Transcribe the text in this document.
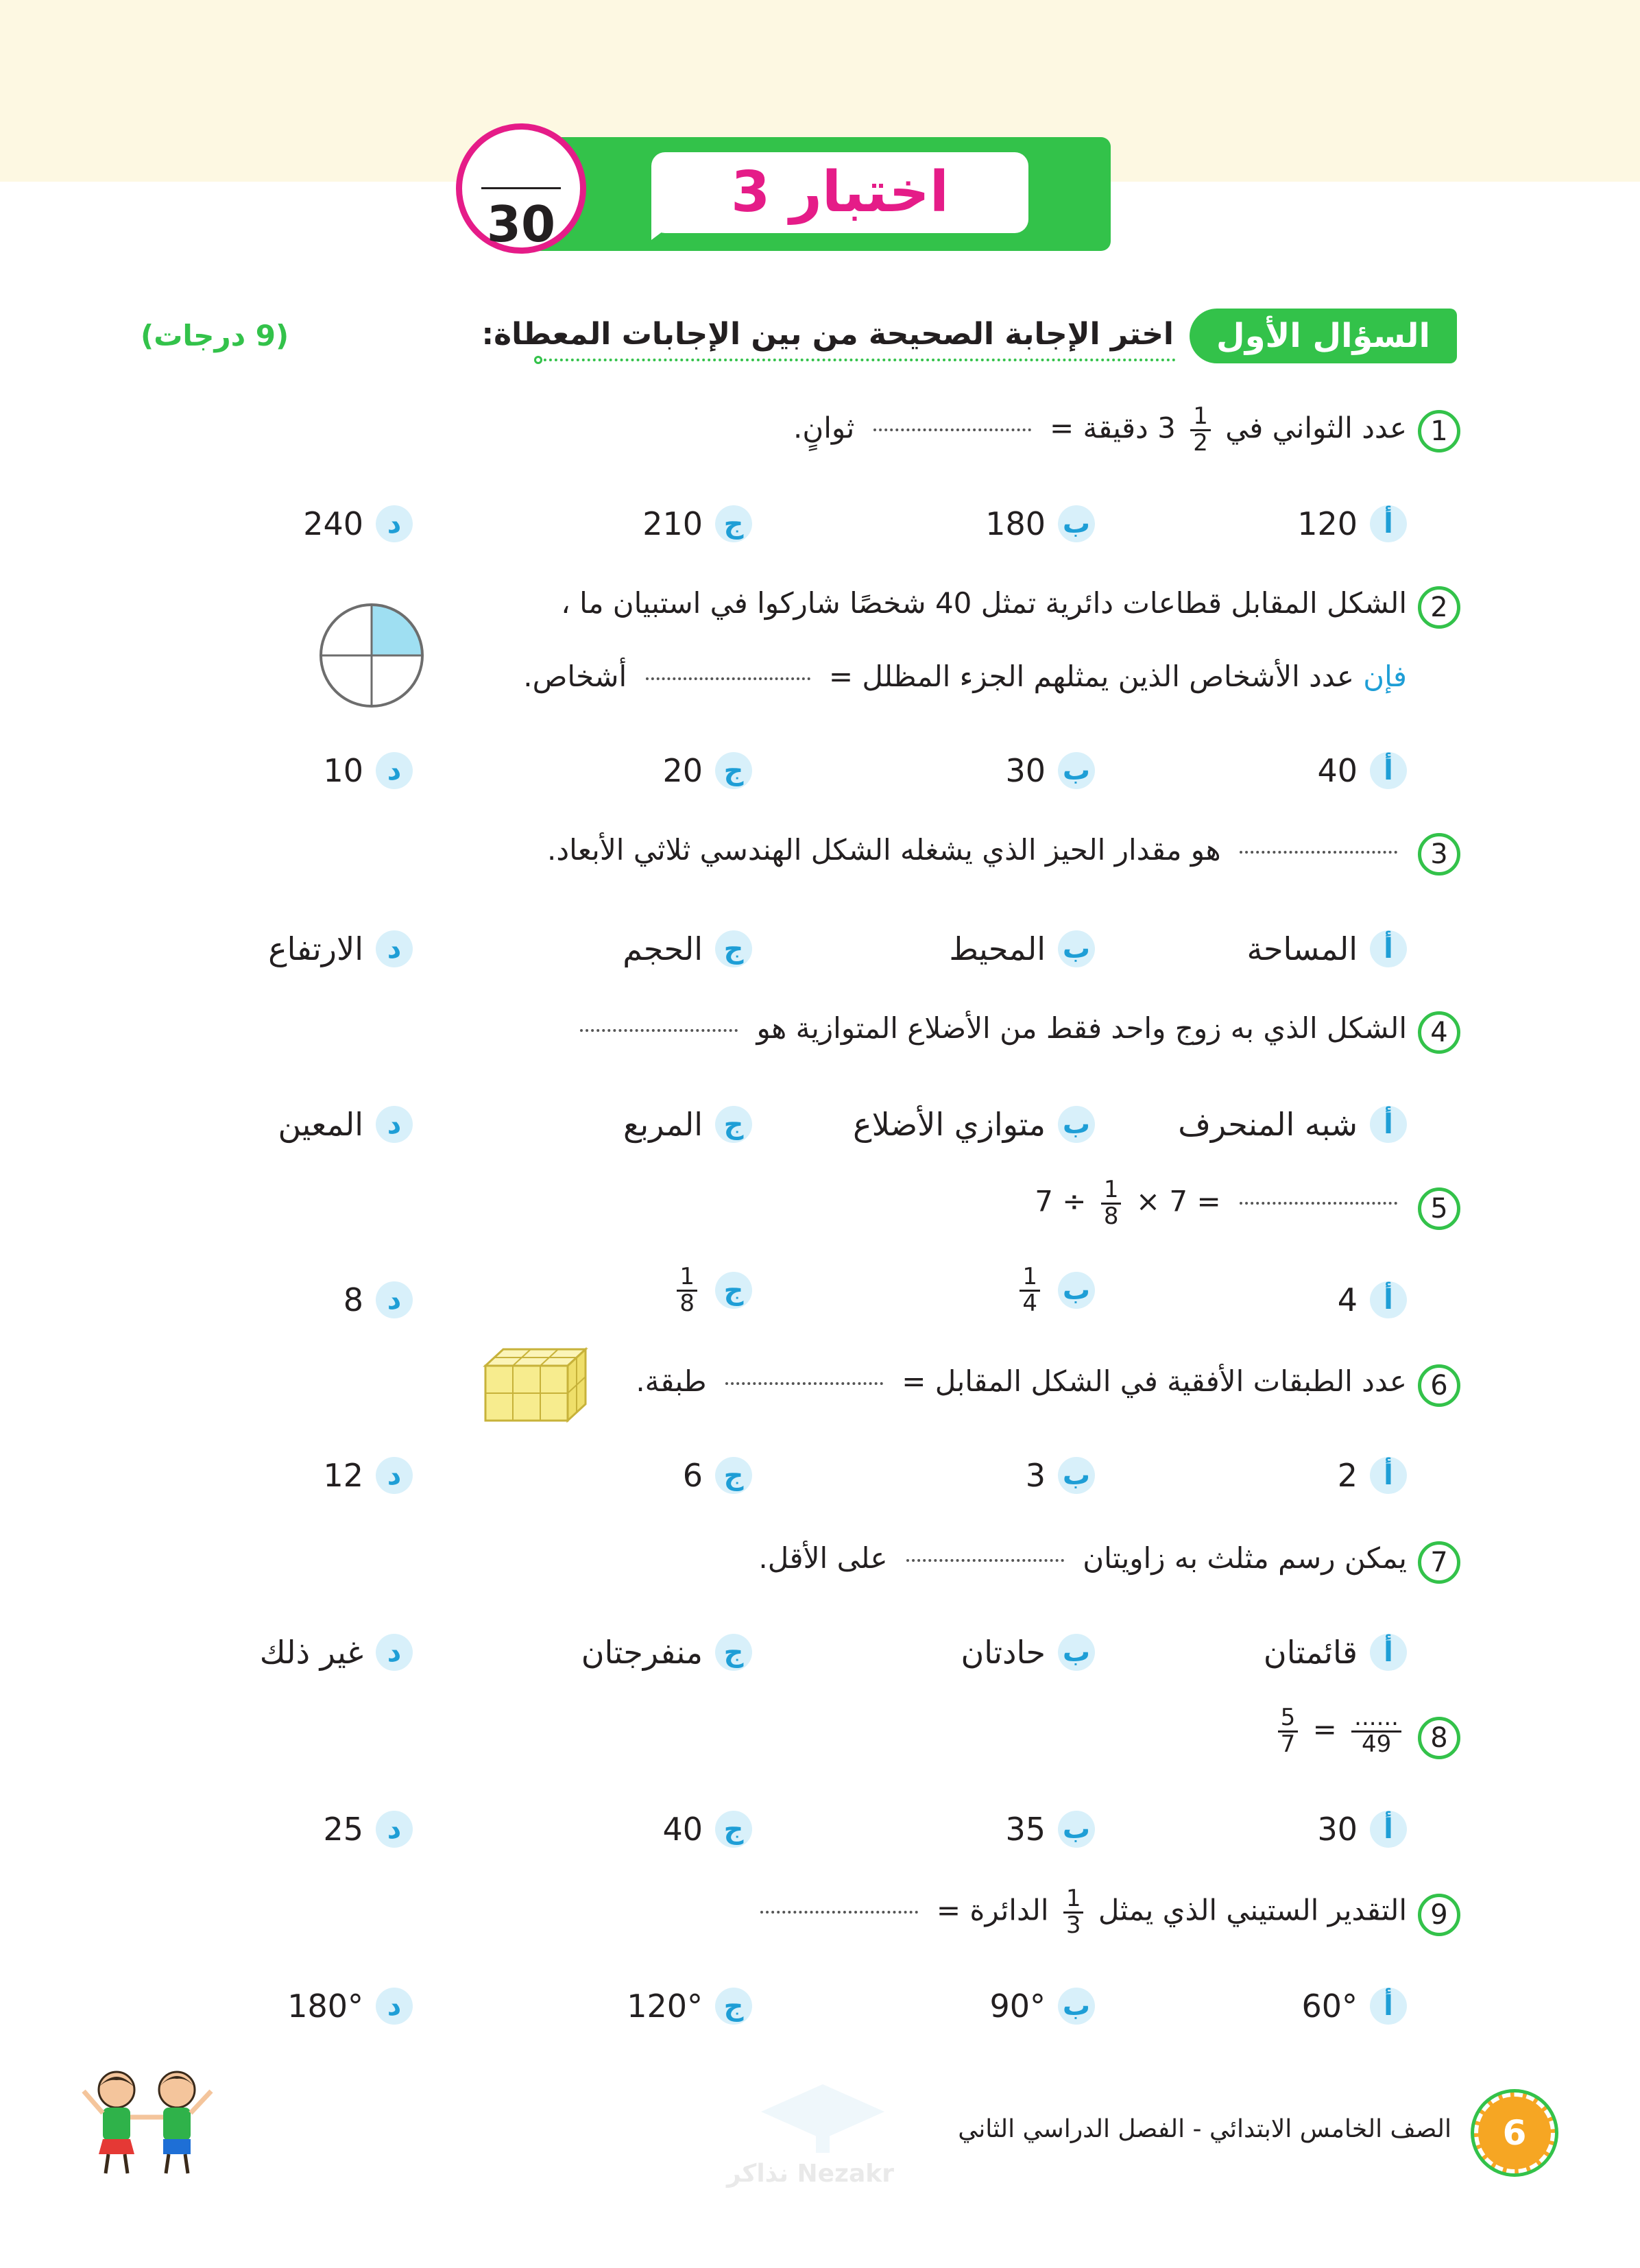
اختبار 3
30
السؤال الأول
اختر الإجابة الصحيحة من بين الإجابات المعطاة:
(9 درجات)
1
عدد الثواني في
$\frac{1}{2}$
3 دقيقة =  ثوانٍ.
أ120
ب180
ج210
د240
2
الشكل المقابل قطاعات دائرية تمثل 40 شخصًا شاركوا في استبيان ما ،
فإن عدد الأشخاص الذين يمثلهم الجزء المظلل =  أشخاص.
أ40
ب30
ج20
د10
3
هو مقدار الحيز الذي يشغله الشكل الهندسي ثلاثي الأبعاد.
أالمساحة
بالمحيط
جالحجم
دالارتفاع
4
الشكل الذي به زوج واحد فقط من الأضلاع المتوازية هو
أشبه المنحرف
بمتوازي الأضلاع
جالمربع
دالمعين
5
$7 \div \frac{1}{8} \times 7$ =
أ4
ب
$\frac{1}{4}$
ج
$\frac{1}{8}$
د8
6
عدد الطبقات الأفقية في الشكل المقابل =  طبقة.
أ2
ب3
ج6
د12
7
يمكن رسم مثلث به زاويتان  على الأقل.
أقائمتان
بحادتان
جمنفرجتان
دغير ذلك
8
$\frac{5}{7} = \frac{......}{49}$
أ30
ب35
ج40
د25
9
التقدير الستيني الذي يمثل
$\frac{1}{3}$
الدائرة =
أ60°
ب90°
ج120°
د180°
Nezakr نذاكر
الصف الخامس الابتدائي - الفصل الدراسي الثاني	6
